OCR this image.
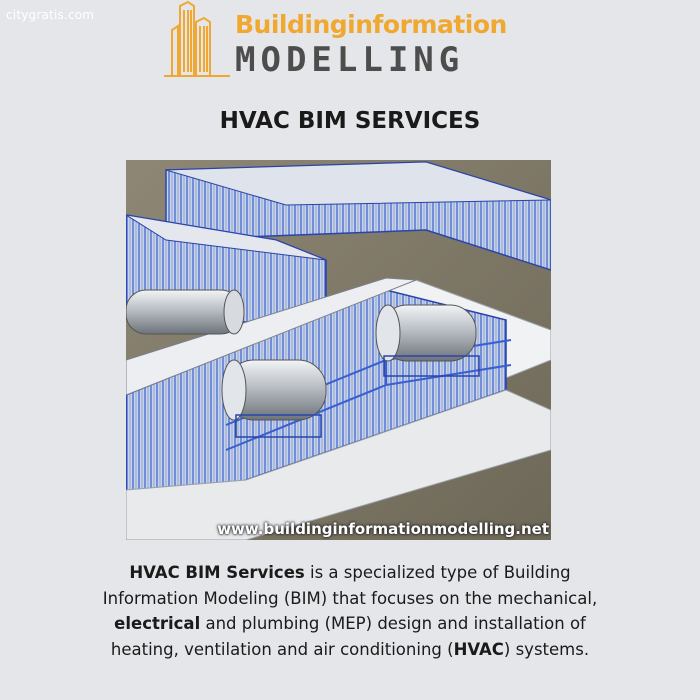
citygratis.com	Buildinginformation
MODELLING
HVAC BIM SERVICES
www.buildinginformationmodelling.net

HVAC BIM Services is a specialized type of Building Information Modeling (BIM) that focuses on the mechanical, electrical and plumbing (MEP) design and installation of heating, ventilation and air conditioning (HVAC) systems.
